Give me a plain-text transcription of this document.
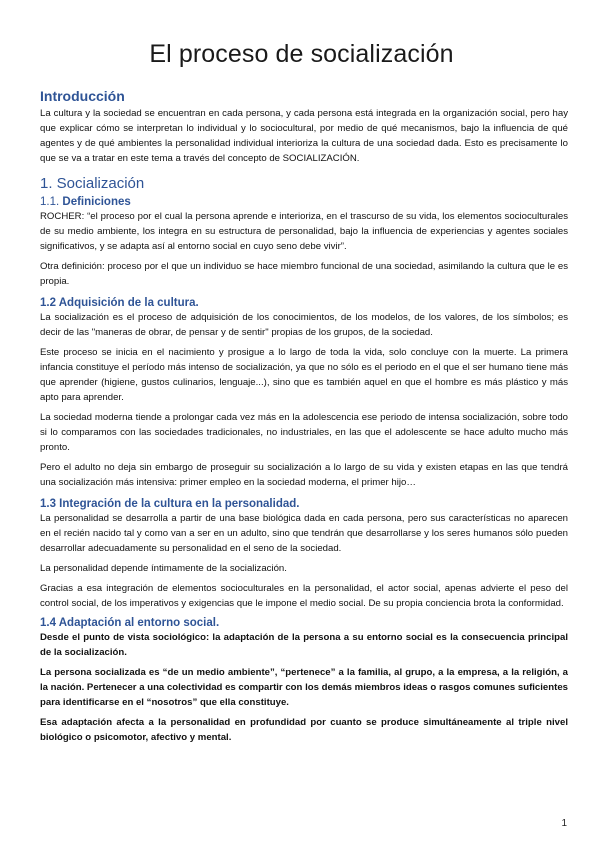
El proceso de socialización
Introducción

La cultura y la sociedad se encuentran en cada persona, y cada persona está integrada en la organización social, pero hay que explicar cómo se interpretan lo individual y lo sociocultural, por medio de qué mecanismos, bajo la influencia de qué agentes y de qué ambientes la personalidad individual interioriza la cultura de una sociedad dada. Esto es precisamente lo que se va a tratar en este tema a través del concepto de SOCIALIZACIÓN.

1. Socialización
1.1. Definiciones

ROCHER: “el proceso por el cual la persona aprende e interioriza, en el trascurso de su vida, los elementos socioculturales de su medio ambiente, los integra en su estructura de personalidad, bajo la influencia de experiencias y agentes sociales significativos, y se adapta así al entorno social en cuyo seno debe vivir”.

Otra definición: proceso por el que un individuo se hace miembro funcional de una sociedad, asimilando la cultura que le es propia.

1.2 Adquisición de la cultura.

La socialización es el proceso de adquisición de los conocimientos, de los modelos, de los valores, de los símbolos; es decir de las "maneras de obrar, de pensar y de sentir" propias de los grupos, de la sociedad.

Este proceso se inicia en el nacimiento y prosigue a lo largo de toda la vida, solo concluye con la muerte. La primera infancia constituye el período más intenso de socialización, ya que no sólo es el periodo en el que el ser humano tiene más que aprender (higiene, gustos culinarios, lenguaje...), sino que es también aquel en que el hombre es más plástico y más apto para aprender.

La sociedad moderna tiende a prolongar cada vez más en la adolescencia ese periodo de intensa socialización, sobre todo si lo comparamos con las sociedades tradicionales, no industriales, en las que el adolescente se hace adulto mucho más pronto.

Pero el adulto no deja sin embargo de proseguir su socialización a lo largo de su vida y existen etapas en las que tendrá una socialización más intensiva: primer empleo en la sociedad moderna, el primer hijo…

1.3 Integración de la cultura en la personalidad.

La personalidad se desarrolla a partir de una base biológica dada en cada persona, pero sus características no aparecen en el recién nacido tal y como van a ser en un adulto, sino que tendrán que desarrollarse y los seres humanos sólo pueden desarrollar adecuadamente su personalidad en el seno de la sociedad.

La personalidad depende íntimamente de la socialización.

Gracias a esa integración de elementos socioculturales en la personalidad, el actor social, apenas advierte el peso del control social, de los imperativos y exigencias que le impone el medio social. De su propia conciencia brota la conformidad.

1.4 Adaptación al entorno social.

Desde el punto de vista sociológico: la adaptación de la persona a su entorno social es la consecuencia principal de la socialización.

La persona socializada es “de un medio ambiente”, “pertenece” a la familia, al grupo, a la empresa, a la religión, a la nación. Pertenecer a una colectividad es compartir con los demás miembros ideas o rasgos comunes suficientes para identificarse en el “nosotros” que ella constituye.

Esa adaptación afecta a la personalidad en profundidad por cuanto se produce simultáneamente al triple nivel biológico o psicomotor, afectivo y mental.

1
